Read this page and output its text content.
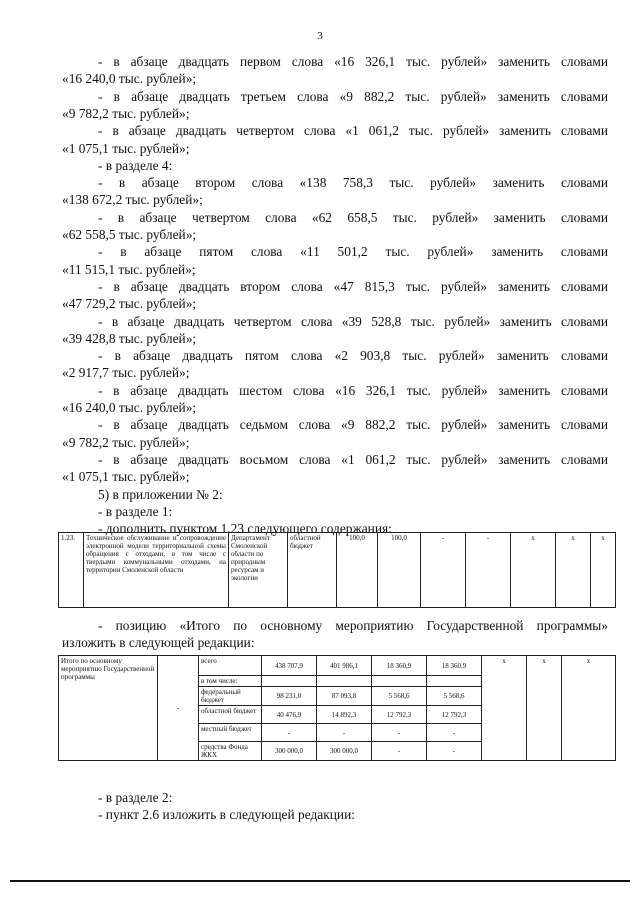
3
- в абзаце двадцать первом слова «16 326,1 тыс. рублей» заменить словами
«16 240,0 тыс. рублей»;
- в абзаце двадцать третьем слова «9 882,2 тыс. рублей» заменить словами
«9 782,2 тыс. рублей»;
- в абзаце двадцать четвертом слова «1 061,2 тыс. рублей» заменить словами
«1 075,1 тыс. рублей»;
- в разделе 4:
- в абзаце втором слова «138 758,3 тыс. рублей» заменить словами
«138 672,2 тыс. рублей»;
- в абзаце четвертом слова «62 658,5 тыс. рублей» заменить словами
«62 558,5 тыс. рублей»;
- в абзаце пятом слова «11 501,2 тыс. рублей» заменить словами
«11 515,1 тыс. рублей»;
- в абзаце двадцать втором слова «47 815,3 тыс. рублей» заменить словами
«47 729,2 тыс. рублей»;
- в абзаце двадцать четвертом слова «39 528,8 тыс. рублей» заменить словами
«39 428,8 тыс. рублей»;
- в абзаце двадцать пятом слова «2 903,8 тыс. рублей» заменить словами
«2 917,7 тыс. рублей»;
- в абзаце двадцать шестом слова «16 326,1 тыс. рублей» заменить словами
«16 240,0 тыс. рублей»;
- в абзаце двадцать седьмом слова «9 882,2 тыс. рублей» заменить словами
«9 782,2 тыс. рублей»;
- в абзаце двадцать восьмом слова «1 061,2 тыс. рублей» заменить словами
«1 075,1 тыс. рублей»;
5) в приложении № 2:
- в разделе 1:
- дополнить пунктом 1.23 следующего содержания:
1.23.	Техническое обслуживание и сопровождение электронной модели территориальной схемы обращения с отходами, в том числе с твердыми коммунальными отходами, на территории Смоленской области	Департамент Смоленской области по природным ресурсам и экологии	областной бюджет	100,0	100,0	-	-	х	х	х
- позицию «Итого по основному мероприятию Государственной программы»
изложить в следующей редакции:
Итого по основному мероприятию Государственной программы	-	всего	438 707,9	401 986,1	18 360,9	18 360,9	х	х	х
		в том числе:							
		федеральный бюджет	98 231,0	87 093,8	5 568,6	5 568,6			
		областной бюджет	40 476,9	14 892,3	12 792,3	12 792,3			
		местный бюджет	-	-	-	-			
		средства Фонда ЖКХ	300 000,0	300 000,0	-	-			
- в разделе 2:
- пункт 2.6 изложить в следующей редакции:
